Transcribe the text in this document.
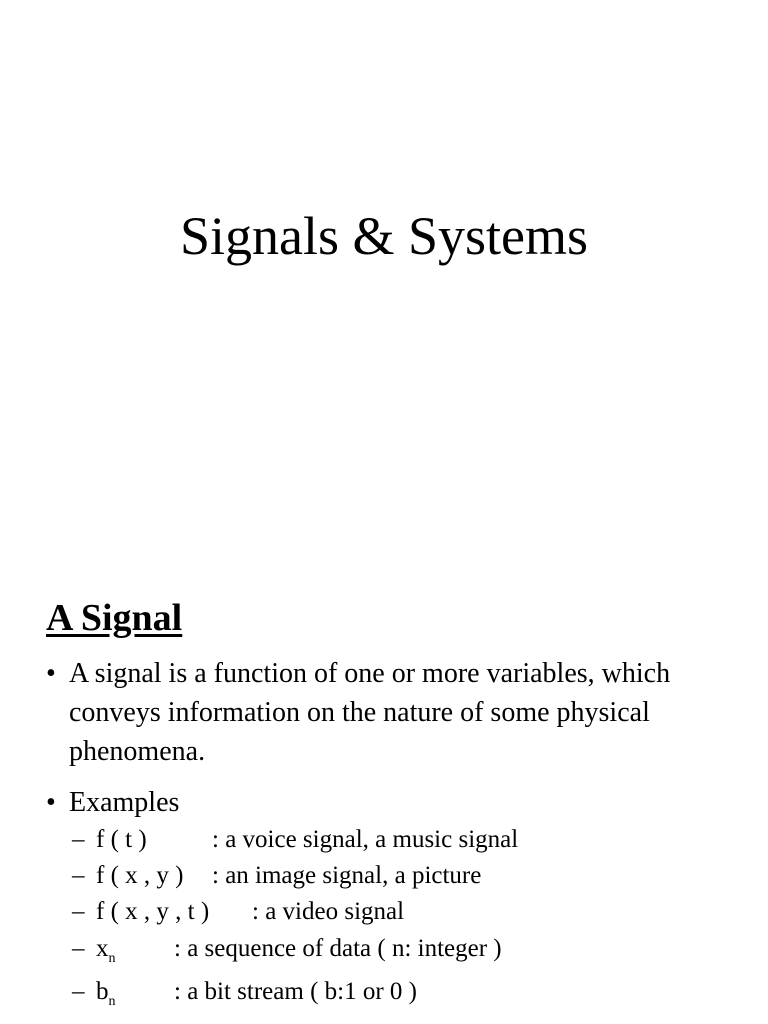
Signals & Systems
A Signal
• A signal is a function of one or more variables, which conveys information on the nature of some physical phenomena.
• Examples
– f ( t )	: a voice signal, a music signal
– f ( x , y ) : an image signal, a picture
– f ( x , y , t ) : a video signal
– $x_n$ : a sequence of data ( n: integer )
– $b_n$ : a bit stream ( b:1 or 0 )
